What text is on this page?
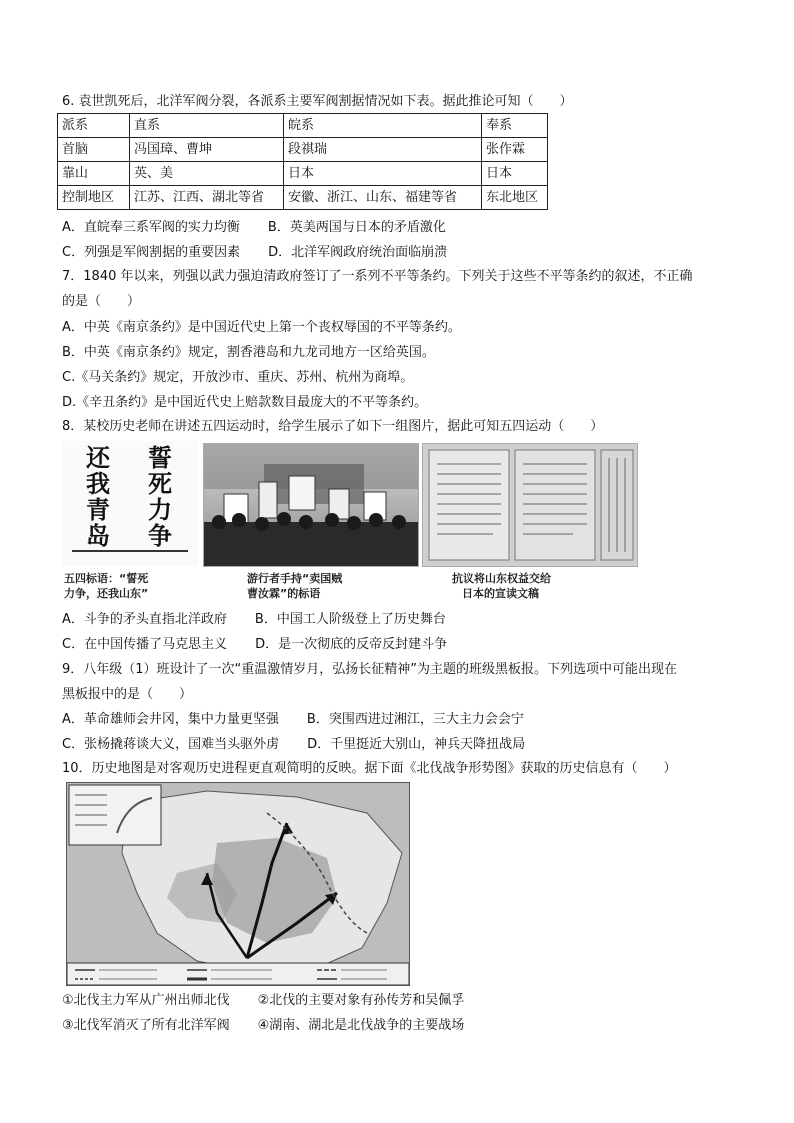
6. 袁世凯死后，北洋军阀分裂，各派系主要军阀割据情况如下表。据此推论可知（　　）
派系	直系	皖系	奉系
首脑	冯国璋、曹坤	段祺瑞	张作霖
靠山	英、美	日本	日本
控制地区	江苏、江西、湖北等省	安徽、浙江、山东、福建等省	东北地区
A．直皖奉三系军阀的实力均衡 B．英美两国与日本的矛盾激化
C．列强是军阀割据的重要因素 D．北洋军阀政府统治面临崩溃
7．1840 年以来，列强以武力强迫清政府签订了一系列不平等条约。下列关于这些不平等条约的叙述，不正确
的是（　　）
A．中英《南京条约》是中国近代史上第一个丧权辱国的不平等条约。
B．中英《南京条约》规定，割香港岛和九龙司地方一区给英国。
C.《马关条约》规定，开放沙市、重庆、苏州、杭州为商埠。
D.《辛丑条约》是中国近代史上赔款数目最庞大的不平等条约。
8．某校历史老师在讲述五四运动时，给学生展示了如下一组图片，据此可知五四运动（　　）
还
我
青
岛
誓
死
力
争
五四标语：“誓死
力争，还我山东”
游行者手持“卖国贼
曹汝霖”的标语
抗议将山东权益交给
日本的宣读文稿
A．斗争的矛头直指北洋政府 B．中国工人阶级登上了历史舞台
C．在中国传播了马克思主义 D．是一次彻底的反帝反封建斗争
9．八年级（1）班设计了一次“重温激情岁月，弘扬长征精神”为主题的班级黑板报。下列选项中可能出现在
黑板报中的是（　　）
A．革命雄师会井冈，集中力量更坚强 B．突围西进过湘江，三大主力会会宁
C．张杨撬蒋谈大义，国难当头驱外虏 D．千里挺近大别山，神兵天降扭战局
10．历史地图是对客观历史进程更直观简明的反映。据下面《北伐战争形势图》获取的历史信息有（　　）
①北伐主力军从广州出师北伐 ②北伐的主要对象有孙传芳和吴佩孚
③北伐军消灭了所有北洋军阀 ④湖南、湖北是北伐战争的主要战场
